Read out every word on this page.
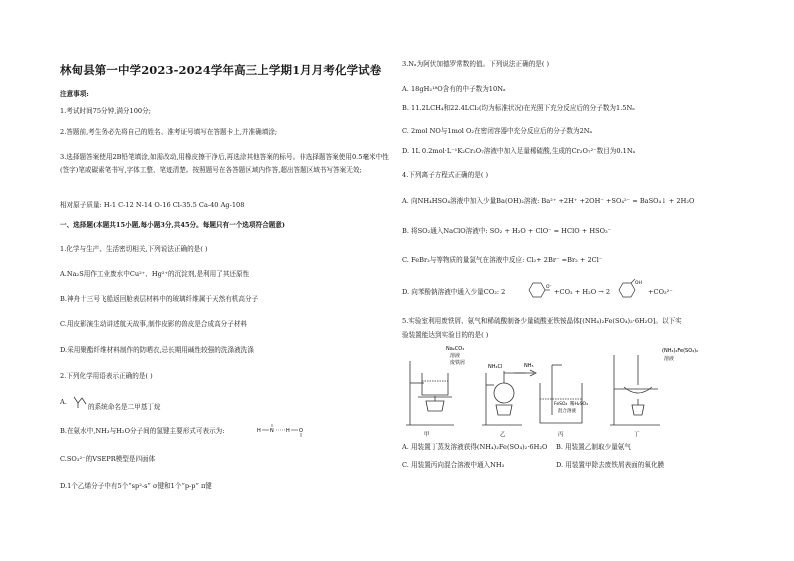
林甸县第一中学2023-2024学年高三上学期1月月考化学试卷
注意事项:
1.考试时间75分钟,满分100分;
2.答题前,考生务必先将自己的姓名、准考证号填写在答题卡上,并准确填涂;
3.选择题答案使用2B铅笔填涂,如需改动,用橡皮擦干净后,再选涂其他答案的标号。非选择题答案使用0.5毫米中性(签字)笔或碳素笔书写,字体工整、笔迹清楚。按照题号在各答题区域内作答,超出答题区域书写答案无效;
相对原子质量: H-1 C-12 N-14 O-16 Cl-35.5 Ca-40 Ag-108
一、选择题(本题共15小题,每小题3分,共45分。每题只有一个选项符合题意)
1.化学与生产、生活密切相关,下列说法正确的是( )
A.Na₂S用作工业废水中Cu²⁺、Hg²⁺的沉淀剂,是利用了其还原性
B.神舟十三号飞船返回舱表层材料中的玻璃纤维属于天然有机高分子
C.用皮影演生动讲述航天故事,制作皮影的兽皮是合成高分子材料
D.采用聚酯纤维材料制作的防晒衣,忌长期用碱性较强的洗涤液洗涤
2.下列化学用语表示正确的是( )
A.
的系统命名是二甲基丁烷
B.在氨水中,NH₃与H₂O分子间的氢键主要形式可表示为:	H N H O
C.SO₃²⁻的VSEPR模型是四面体
D.1个乙烯分子中有5个“sp²-s” σ键和1个“p-p” π键
3.Nₐ为阿伏加德罗常数的值。下列说法正确的是( )
A. 18gH₂¹⁸O含有的中子数为10Nₐ
B. 11.2LCH₄和22.4LCl₂(均为标准状况)在光照下充分反应后的分子数为1.5Nₐ
C. 2mol NO与1mol O₂在密闭容器中充分反应后的分子数为2Nₐ
D. 1L 0.2mol·L⁻¹K₂Cr₂O₇溶液中加入足量稀硫酸,生成的Cr₂O₇²⁻数目为0.1Nₐ
4.下列离子方程式正确的是( )
A. 向NH₄HSO₄溶液中加入少量Ba(OH)₂溶液: Ba²⁺ +2H⁺ +2OH⁻ +SO₄²⁻ = BaSO₄↓ + 2H₂O
B. 将SO₂通入NaClO溶液中: SO₂ + H₂O + ClO⁻ = HClO + HSO₃⁻
C. FeBr₂与等物质的量氯气在溶液中反应: Cl₂+ 2Br⁻ =Br₂ + 2Cl⁻
D. 向苯酚钠溶液中通入少量CO₂: 2
O⁻
+CO₂ + H₂O → 2
OH
+CO₃²⁻
5.实验室利用废铁屑、氨气和稀硫酸制备少量硫酸亚铁铵晶体[(NH₄)₂Fe(SO₄)₂·6H₂O]。以下实
验装置能达到实验目的的是( )
Na₂CO₃
溶液
废铁屑
NH₄Cl	NH₃
FeSO₄ 稀H₂SO₄
混合溶液
(NH₄)₂Fe(SO₄)₂
溶液
甲	乙	丙	丁
A. 用装置丁蒸发溶液获得(NH₄)₂Fe(SO₄)₂·6H₂O B. 用装置乙制取少量氨气
C. 用装置丙向混合溶液中通入NH₃	D. 用装置甲除去废铁屑表面的氧化膜
